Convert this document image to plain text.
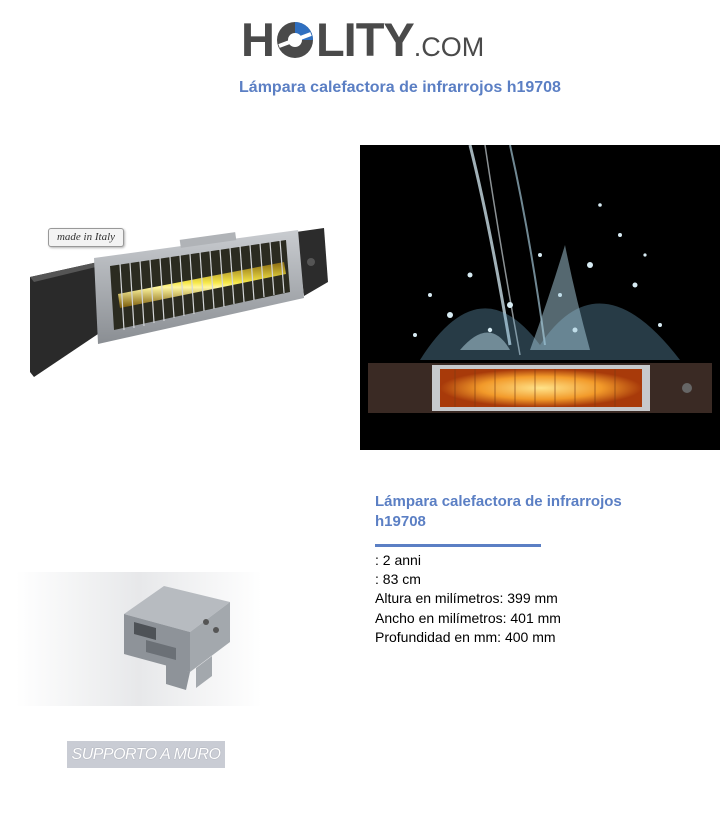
H LITY.COM
Lámpara calefactora de infrarrojos h19708
made in Italy
SUPPORTO A MURO
Lámpara calefactora de infrarrojos h19708
: 2 anni
: 83 cm
Altura en milímetros: 399 mm
Ancho en milímetros: 401 mm
Profundidad en mm: 400 mm
